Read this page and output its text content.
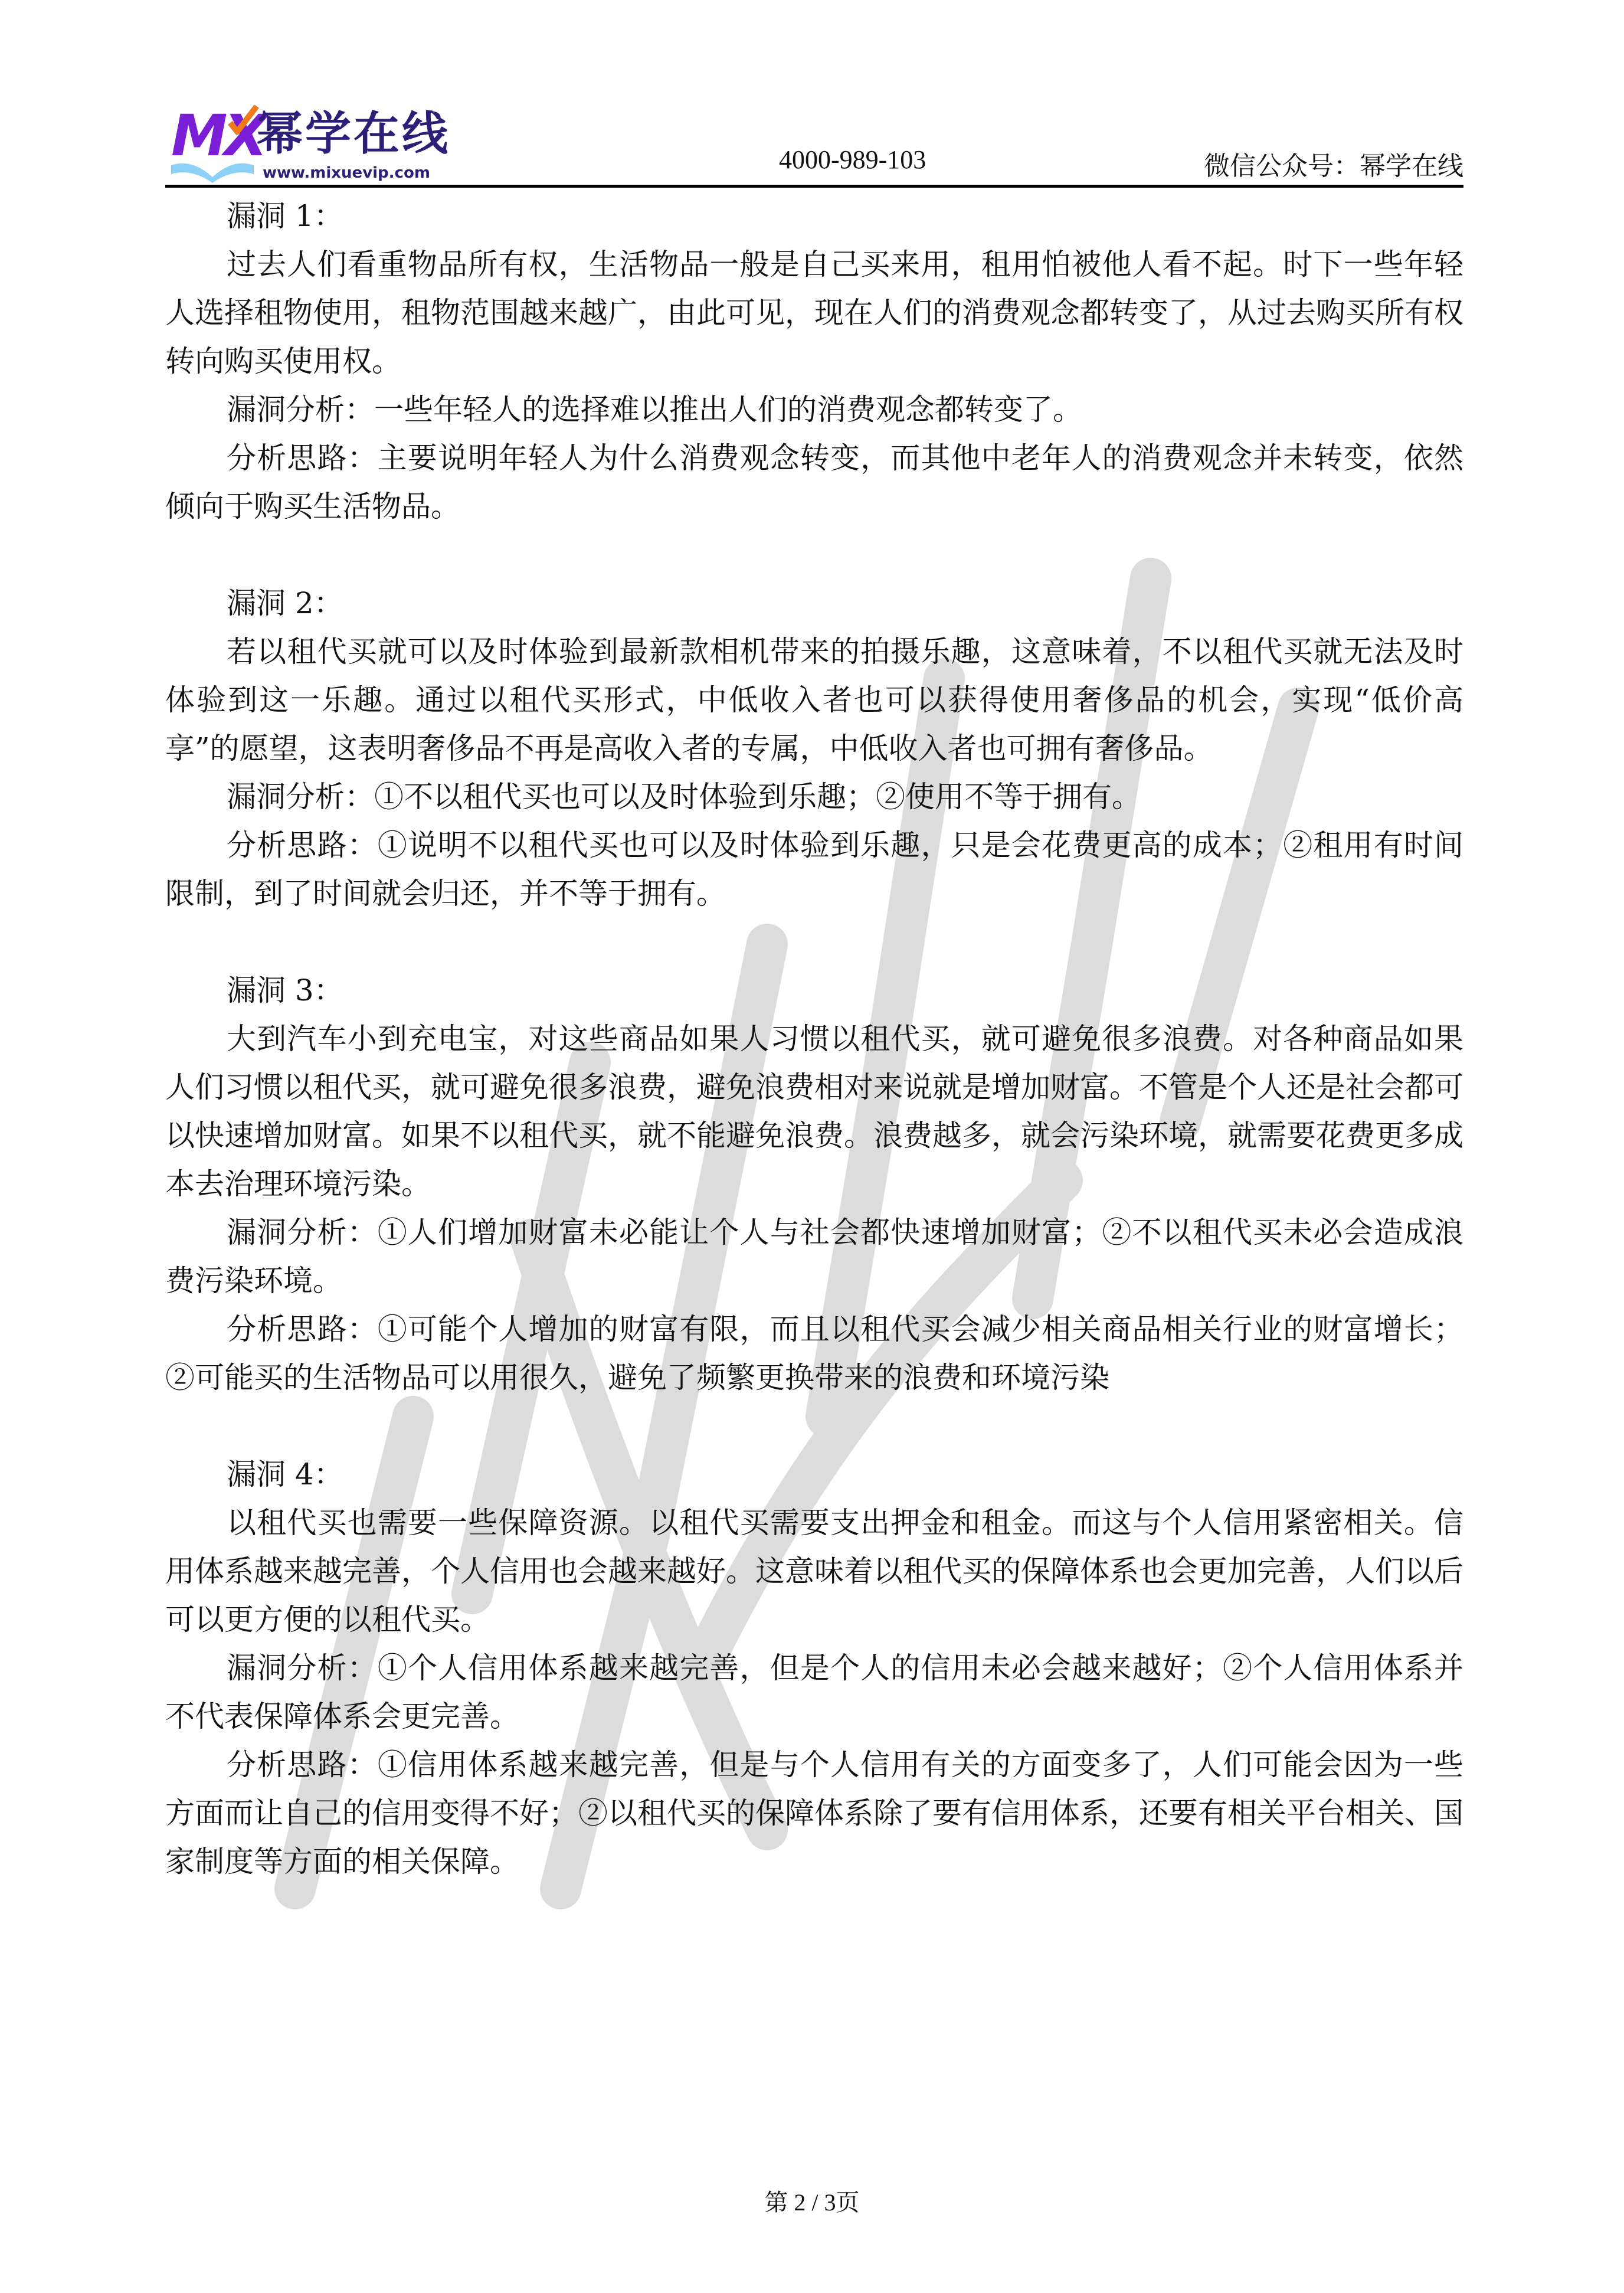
MX
幂学在线
www.mixuevip.com	4000-989-103	微信公众号：幂学在线

漏洞 1：

过去人们看重物品所有权，生活物品一般是自己买来用，租用怕被他人看不起。时下一些年轻人选择租物使用，租物范围越来越广，由此可见，现在人们的消费观念都转变了，从过去购买所有权转向购买使用权。

漏洞分析：一些年轻人的选择难以推出人们的消费观念都转变了。

分析思路：主要说明年轻人为什么消费观念转变，而其他中老年人的消费观念并未转变，依然倾向于购买生活物品。

漏洞 2：

若以租代买就可以及时体验到最新款相机带来的拍摄乐趣，这意味着，不以租代买就无法及时体验到这一乐趣。通过以租代买形式，中低收入者也可以获得使用奢侈品的机会，实现“低价高享”的愿望，这表明奢侈品不再是高收入者的专属，中低收入者也可拥有奢侈品。

漏洞分析：①不以租代买也可以及时体验到乐趣；②使用不等于拥有。

分析思路：①说明不以租代买也可以及时体验到乐趣，只是会花费更高的成本；②租用有时间限制，到了时间就会归还，并不等于拥有。

漏洞 3：

大到汽车小到充电宝，对这些商品如果人习惯以租代买，就可避免很多浪费。对各种商品如果人们习惯以租代买，就可避免很多浪费，避免浪费相对来说就是增加财富。不管是个人还是社会都可以快速增加财富。如果不以租代买，就不能避免浪费。浪费越多，就会污染环境，就需要花费更多成本去治理环境污染。

漏洞分析：①人们增加财富未必能让个人与社会都快速增加财富；②不以租代买未必会造成浪费污染环境。

分析思路：①可能个人增加的财富有限，而且以租代买会减少相关商品相关行业的财富增长；②可能买的生活物品可以用很久，避免了频繁更换带来的浪费和环境污染

漏洞 4：

以租代买也需要一些保障资源。以租代买需要支出押金和租金。而这与个人信用紧密相关。信用体系越来越完善，个人信用也会越来越好。这意味着以租代买的保障体系也会更加完善，人们以后可以更方便的以租代买。

漏洞分析：①个人信用体系越来越完善，但是个人的信用未必会越来越好；②个人信用体系并不代表保障体系会更完善。

分析思路：①信用体系越来越完善，但是与个人信用有关的方面变多了，人们可能会因为一些方面而让自己的信用变得不好；②以租代买的保障体系除了要有信用体系，还要有相关平台相关、国家制度等方面的相关保障。

第 2 / 3页
